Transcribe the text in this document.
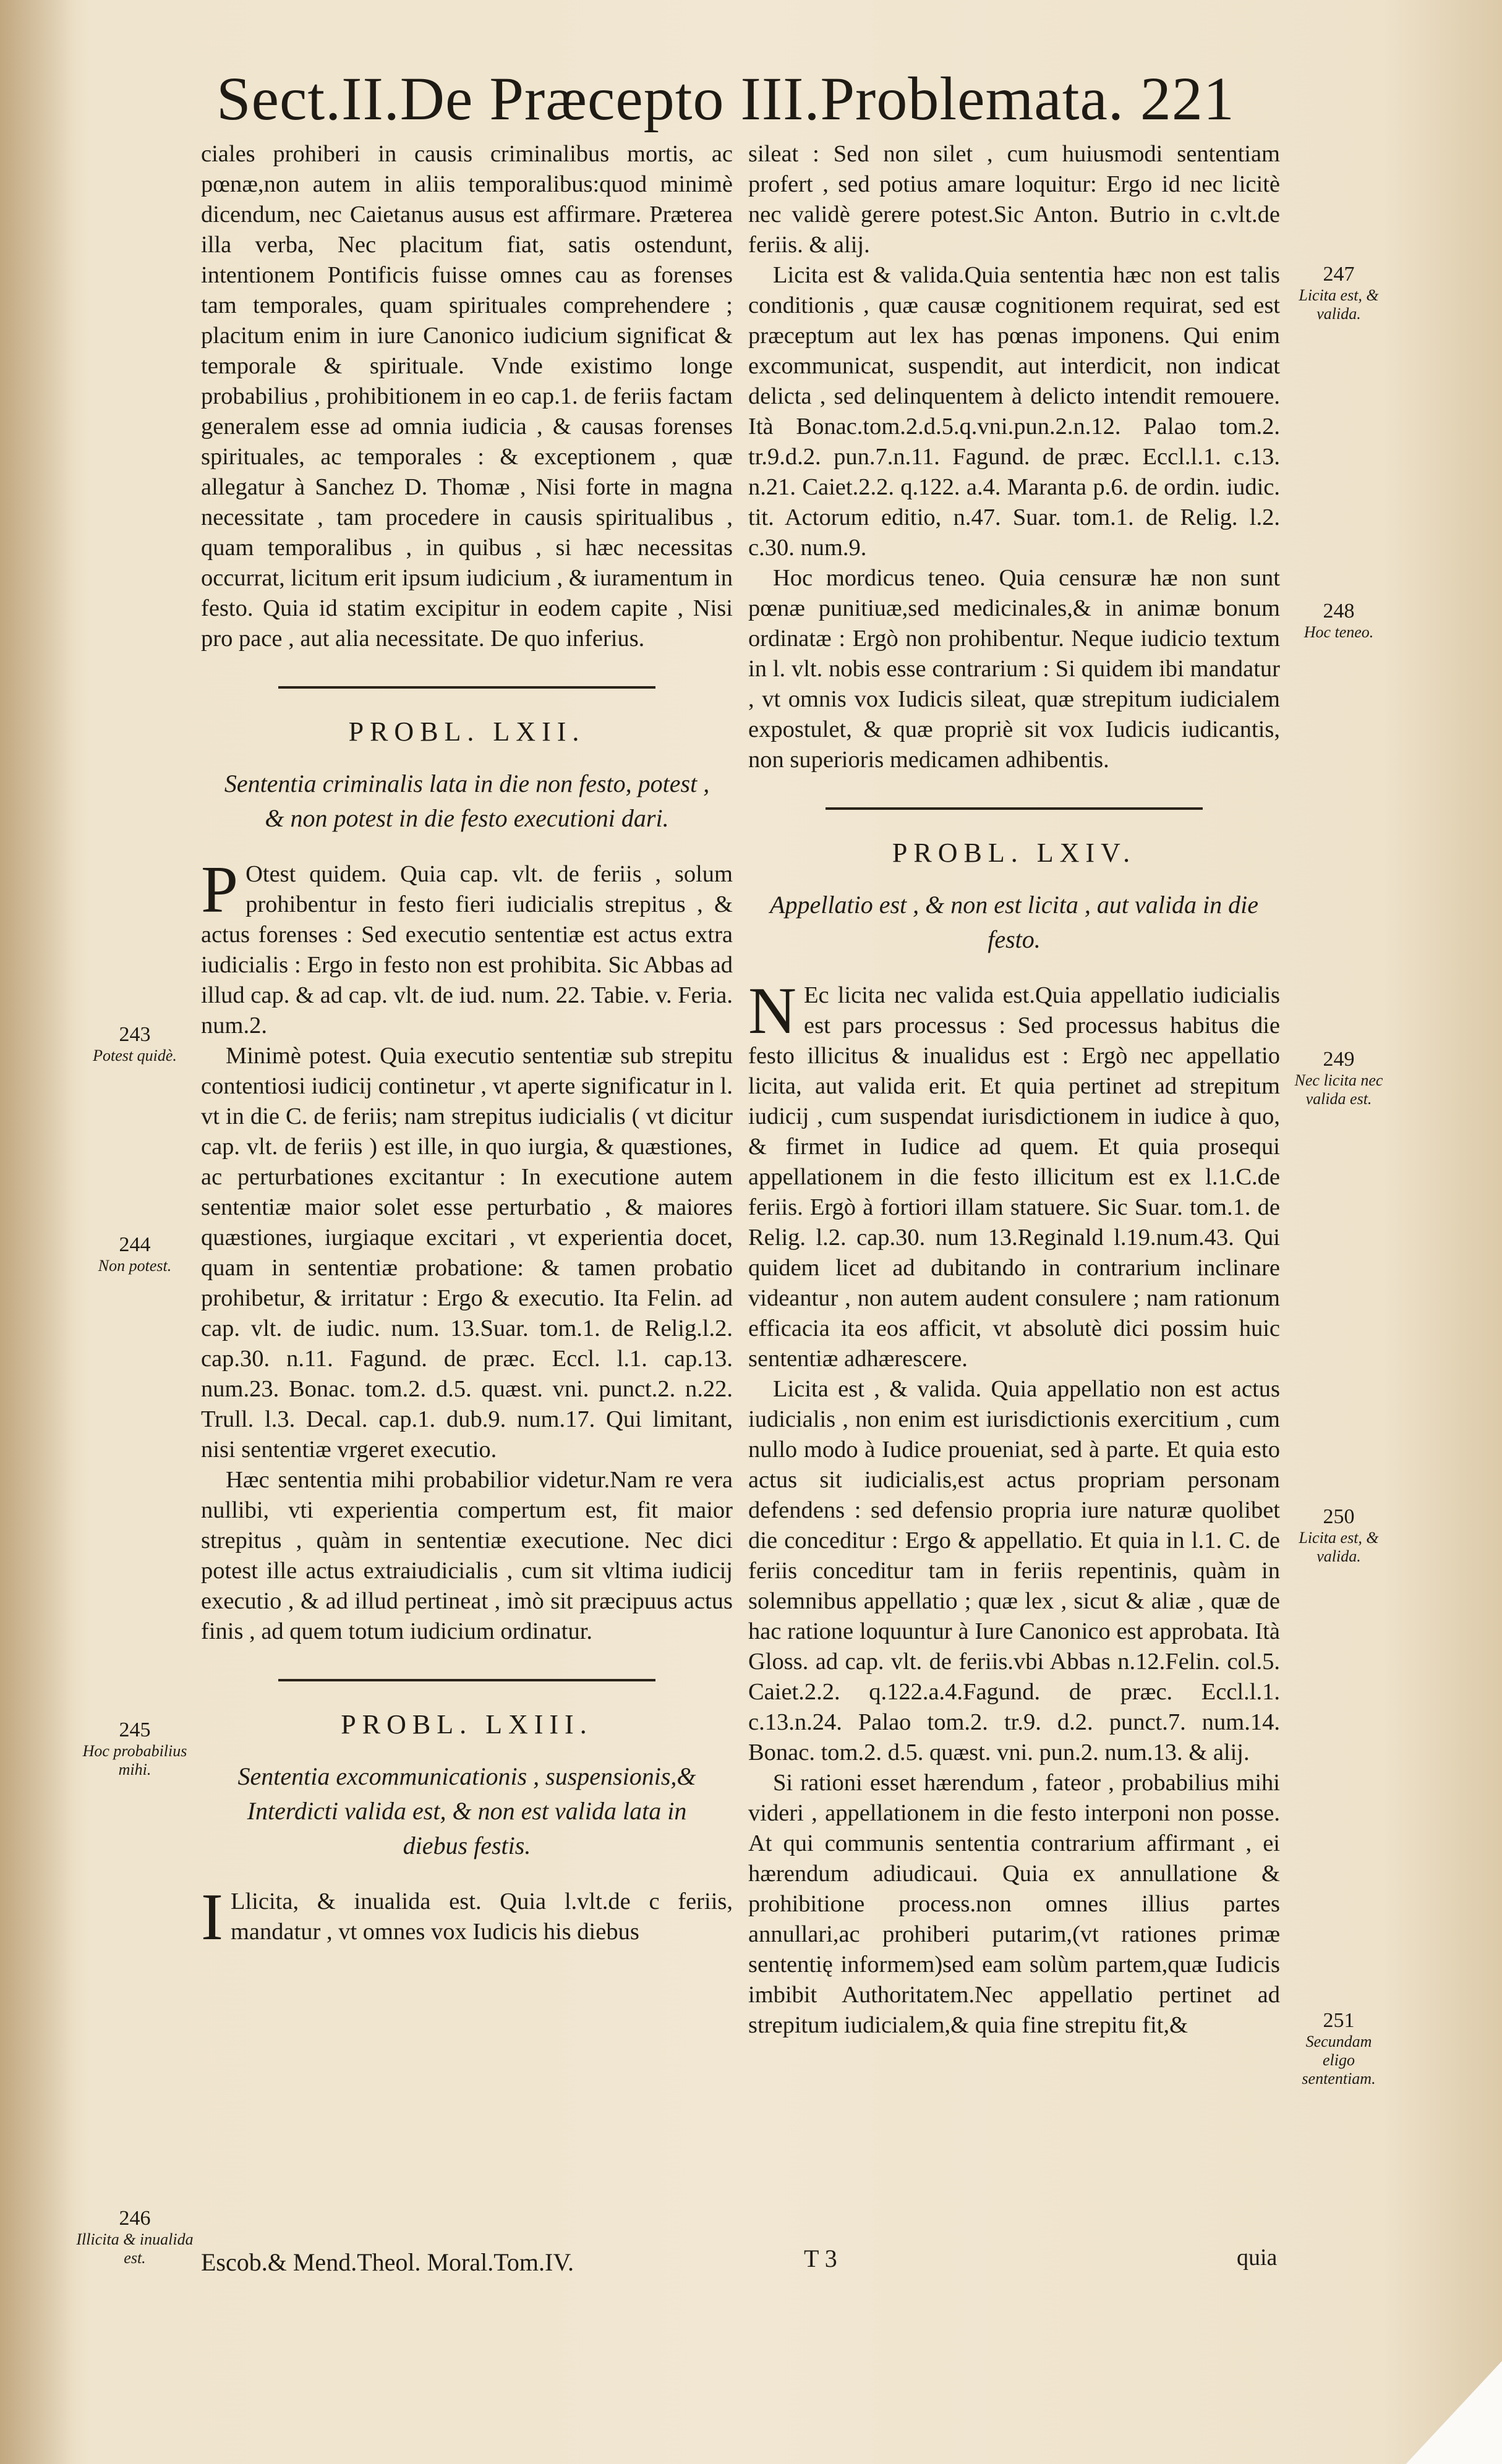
Sect.II.De Præcepto III.Problemata. 221

ciales prohiberi in causis criminalibus mortis, ac pœnæ,non autem in aliis temporalibus:quod minimè dicendum, nec Caietanus ausus est affirmare. Præterea illa verba, Nec placitum fiat, satis ostendunt, intentionem Pontificis fuisse omnes cau as forenses tam temporales, quam spirituales comprehendere ; placitum enim in iure Canonico iudicium significat & temporale & spirituale. Vnde existimo longe probabilius , prohibitionem in eo cap.1. de feriis factam generalem esse ad omnia iudicia , & causas forenses spirituales, ac temporales : & exceptionem , quæ allegatur à Sanchez D. Thomæ , Nisi forte in magna necessitate , tam procedere in causis spiritualibus , quam temporalibus , in quibus , si hæc necessitas occurrat, licitum erit ipsum iudicium , & iuramentum in festo. Quia id statim excipitur in eodem capite , Nisi pro pace , aut alia necessitate. De quo inferius.

PROBL. LXII.
Sententia criminalis lata in die non festo, potest , & non potest in die festo executioni dari.

P Otest quidem. Quia cap. vlt. de feriis , solum prohibentur in festo fieri iudicialis strepitus , & actus forenses : Sed executio sententiæ est actus extra iudicialis : Ergo in festo non est prohibita. Sic Abbas ad illud cap. & ad cap. vlt. de iud. num. 22. Tabie. v. Feria. num.2.

Minimè potest. Quia executio sententiæ sub strepitu contentiosi iudicij continetur , vt aperte significatur in l. vt in die C. de feriis; nam strepitus iudicialis ( vt dicitur cap. vlt. de feriis ) est ille, in quo iurgia, & quæstiones, ac perturbationes excitantur : In executione autem sententiæ maior solet esse perturbatio , & maiores quæstiones, iurgiaque excitari , vt experientia docet, quam in sententiæ probatione: & tamen probatio prohibetur, & irritatur : Ergo & executio. Ita Felin. ad cap. vlt. de iudic. num. 13.Suar. tom.1. de Relig.l.2. cap.30. n.11. Fagund. de præc. Eccl. l.1. cap.13. num.23. Bonac. tom.2. d.5. quæst. vni. punct.2. n.22. Trull. l.3. Decal. cap.1. dub.9. num.17. Qui limitant, nisi sententiæ vrgeret executio.

Hæc sententia mihi probabilior videtur.Nam re vera nullibi, vti experientia compertum est, fit maior strepitus , quàm in sententiæ executione. Nec dici potest ille actus extraiudicialis , cum sit vltima iudicij executio , & ad illud pertineat , imò sit præcipuus actus finis , ad quem totum iudicium ordinatur.

PROBL. LXIII.
Sententia excommunicationis , suspensionis,& Interdicti valida est, & non est valida lata in diebus festis.

I Llicita, & inualida est. Quia l.vlt.de c feriis, mandatur , vt omnes vox Iudicis his diebus

sileat : Sed non silet , cum huiusmodi sententiam profert , sed potius amare loquitur: Ergo id nec licitè nec validè gerere potest.Sic Anton. Butrio in c.vlt.de feriis. & alij.

Licita est & valida.Quia sententia hæc non est talis conditionis , quæ causæ cognitionem requirat, sed est præceptum aut lex has pœnas imponens. Qui enim excommunicat, suspendit, aut interdicit, non indicat delicta , sed delinquentem à delicto intendit remouere. Ità Bonac.tom.2.d.5.q.vni.pun.2.n.12. Palao tom.2. tr.9.d.2. pun.7.n.11. Fagund. de præc. Eccl.l.1. c.13. n.21. Caiet.2.2. q.122. a.4. Maranta p.6. de ordin. iudic. tit. Actorum editio, n.47. Suar. tom.1. de Relig. l.2. c.30. num.9.

Hoc mordicus teneo. Quia censuræ hæ non sunt pœnæ punitiuæ,sed medicinales,& in animæ bonum ordinatæ : Ergò non prohibentur. Neque iudicio textum in l. vlt. nobis esse contrarium : Si quidem ibi mandatur , vt omnis vox Iudicis sileat, quæ strepitum iudicialem expostulet, & quæ propriè sit vox Iudicis iudicantis, non superioris medicamen adhibentis.

PROBL. LXIV.
Appellatio est , & non est licita , aut valida in die festo.

N Ec licita nec valida est.Quia appellatio iudicialis est pars processus : Sed processus habitus die festo illicitus & inualidus est : Ergò nec appellatio licita, aut valida erit. Et quia pertinet ad strepitum iudicij , cum suspendat iurisdictionem in iudice à quo, & firmet in Iudice ad quem. Et quia prosequi appellationem in die festo illicitum est ex l.1.C.de feriis. Ergò à fortiori illam statuere. Sic Suar. tom.1. de Relig. l.2. cap.30. num 13.Reginald l.19.num.43. Qui quidem licet ad dubitando in contrarium inclinare videantur , non autem audent consulere ; nam rationum efficacia ita eos afficit, vt absolutè dici possim huic sententiæ adhærescere.

Licita est , & valida. Quia appellatio non est actus iudicialis , non enim est iurisdictionis exercitium , cum nullo modo à Iudice proueniat, sed à parte. Et quia esto actus sit iudicialis,est actus propriam personam defendens : sed defensio propria iure naturæ quolibet die conceditur : Ergo & appellatio. Et quia in l.1. C. de feriis conceditur tam in feriis repentinis, quàm in solemnibus appellatio ; quæ lex , sicut & aliæ , quæ de hac ratione loquuntur à Iure Canonico est approbata. Ità Gloss. ad cap. vlt. de feriis.vbi Abbas n.12.Felin. col.5. Caiet.2.2. q.122.a.4.Fagund. de præc. Eccl.l.1. c.13.n.24. Palao tom.2. tr.9. d.2. punct.7. num.14. Bonac. tom.2. d.5. quæst. vni. pun.2. num.13. & alij.

Si rationi esset hærendum , fateor , probabilius mihi videri , appellationem in die festo interponi non posse. At qui communis sententia contrarium affirmant , ei hærendum adiudicaui. Quia ex annullatione & prohibitione process.non omnes illius partes annullari,ac prohiberi putarim,(vt rationes primæ sententię informem)sed eam solùm partem,quæ Iudicis imbibit Authoritatem.Nec appellatio pertinet ad strepitum iudicialem,& quia fine strepitu fit,&

243
Potest quidè.
244
Non potest.
245
Hoc probabilius mihi.
246
Illicita & inualida est.
247
Licita est, & valida.
248
Hoc teneo.
249
Nec licita nec valida est.
250
Licita est, & valida.
251
Secundam eligo sententiam.
Escob.& Mend.Theol. Moral.Tom.IV.	T 3	quia
